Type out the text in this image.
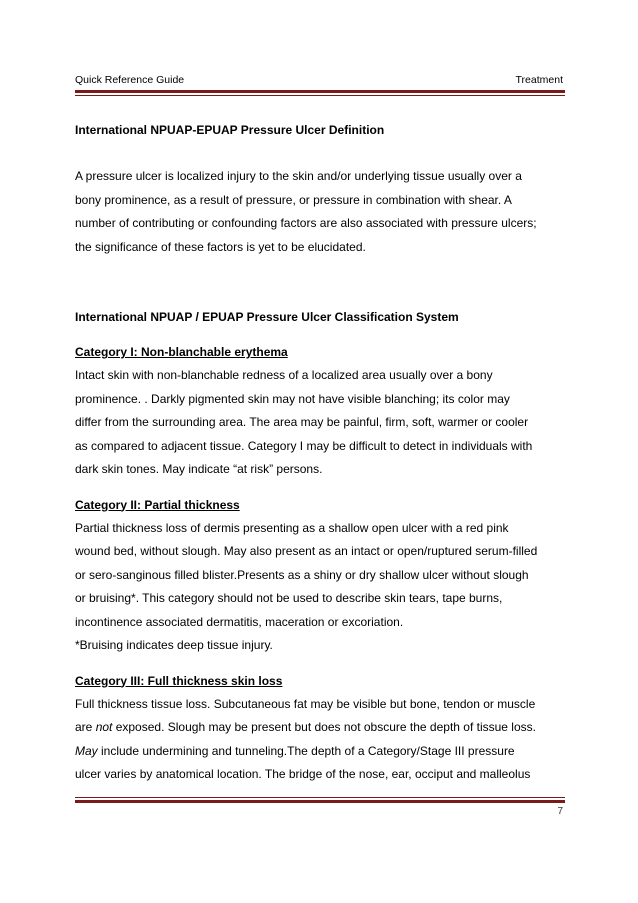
Quick Reference Guide	Treatment

International NPUAP-EPUAP Pressure Ulcer Definition

A pressure ulcer is localized injury to the skin and/or underlying tissue usually over a

bony prominence, as a result of pressure, or pressure in combination with shear. A

number of contributing or confounding factors are also associated with pressure ulcers;

the significance of these factors is yet to be elucidated.

International NPUAP / EPUAP Pressure Ulcer Classification System

Category I: Non-blanchable erythema

Intact skin with non-blanchable redness of a localized area usually over a bony

prominence. . Darkly pigmented skin may not have visible blanching; its color may

differ from the surrounding area. The area may be painful, firm, soft, warmer or cooler

as compared to adjacent tissue. Category I may be difficult to detect in individuals with

dark skin tones. May indicate “at risk” persons.

Category II: Partial thickness

Partial thickness loss of dermis presenting as a shallow open ulcer with a red pink

wound bed, without slough. May also present as an intact or open/ruptured serum-filled

or sero-sanginous filled blister.Presents as a shiny or dry shallow ulcer without slough

or bruising*. This category should not be used to describe skin tears, tape burns,

incontinence associated dermatitis, maceration or excoriation.

*Bruising indicates deep tissue injury.

Category III: Full thickness skin loss

Full thickness tissue loss. Subcutaneous fat may be visible but bone, tendon or muscle

are not exposed. Slough may be present but does not obscure the depth of tissue loss.

May include undermining and tunneling.The depth of a Category/Stage III pressure

ulcer varies by anatomical location. The bridge of the nose, ear, occiput and malleolus

7
